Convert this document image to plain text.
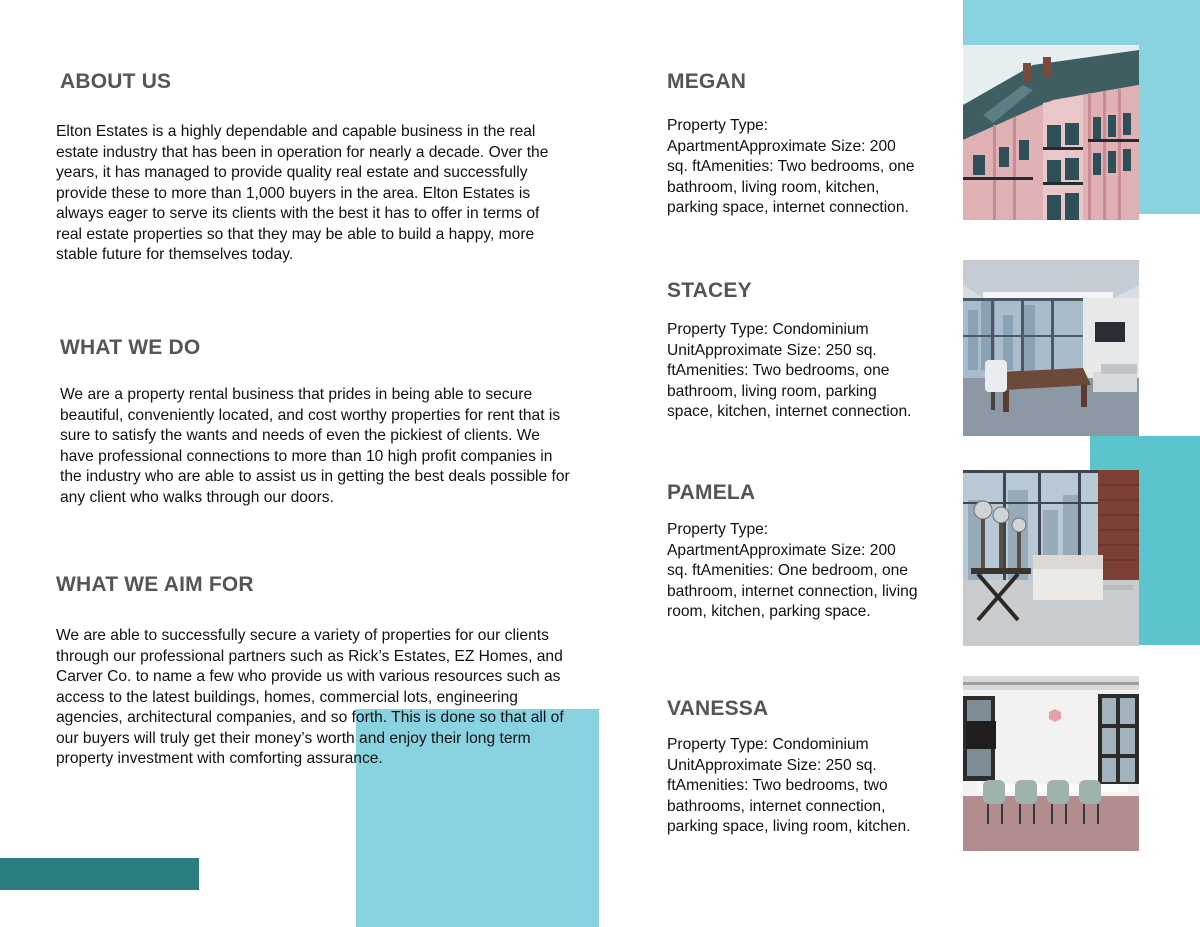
ABOUT US

Elton Estates is a highly dependable and capable business in the real estate industry that has been in operation for nearly a decade. Over the years, it has managed to provide quality real estate and successfully provide these to more than 1,000 buyers in the area. Elton Estates is always eager to serve its clients with the best it has to offer in terms of real estate properties so that they may be able to build a happy, more stable future for themselves today.

WHAT WE DO

We are a property rental business that prides in being able to secure beautiful, conveniently located, and cost worthy properties for rent that is sure to satisfy the wants and needs of even the pickiest of clients. We have professional connections to more than 10 high profit companies in the industry who are able to assist us in getting the best deals possible for any client who walks through our doors.

WHAT WE AIM FOR

We are able to successfully secure a variety of properties for our clients through our professional partners such as Rick’s Estates, EZ Homes, and Carver Co. to name a few who provide us with various resources such as access to the latest buildings, homes, commercial lots, engineering agencies, architectural companies, and so forth. This is done so that all of our buyers will truly get their money’s worth and enjoy their long term property investment with comforting assurance.

MEGAN

Property Type: ApartmentApproximate Size: 200 sq. ftAmenities: Two bedrooms, one bathroom, living room, kitchen, parking space, internet connection.

STACEY

Property Type: Condominium UnitApproximate Size: 250 sq. ftAmenities: Two bedrooms, one bathroom, living room, parking space, kitchen, internet connection.

PAMELA

Property Type: ApartmentApproximate Size: 200 sq. ftAmenities: One bedroom, one bathroom, internet connection, living room, kitchen, parking space.

VANESSA

Property Type: Condominium UnitApproximate Size: 250 sq. ftAmenities: Two bedrooms, two bathrooms, internet connection, parking space, living room, kitchen.
